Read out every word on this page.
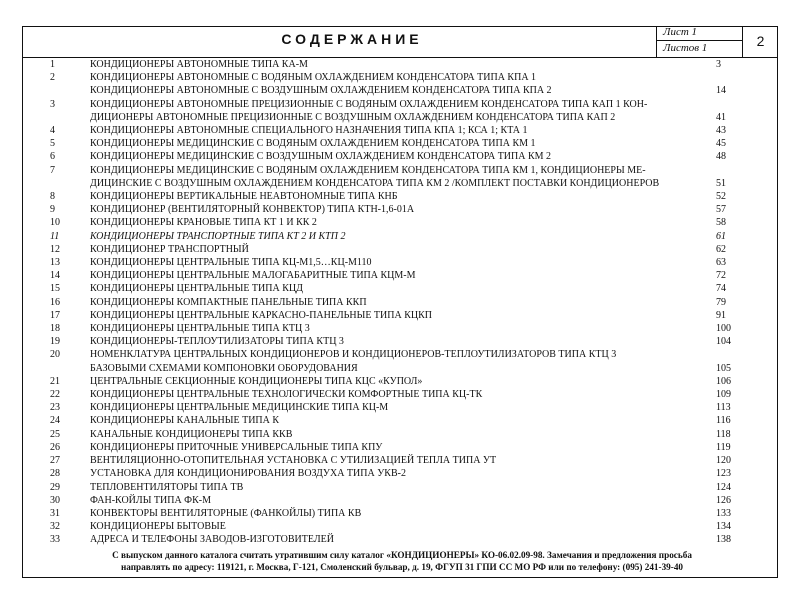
СОДЕРЖАНИЕ	Лист 1
Листов 1	2
1	КОНДИЦИОНЕРЫ АВТОНОМНЫЕ ТИПА КА-М	3
2	КОНДИЦИОНЕРЫ АВТОНОМНЫЕ С ВОДЯНЫМ ОХЛАЖДЕНИЕМ КОНДЕНСАТОРА ТИПА КПА 1
КОНДИЦИОНЕРЫ АВТОНОМНЫЕ С ВОЗДУШНЫМ ОХЛАЖДЕНИЕМ КОНДЕНСАТОРА ТИПА КПА 2	14
3	КОНДИЦИОНЕРЫ АВТОНОМНЫЕ ПРЕЦИЗИОННЫЕ С ВОДЯНЫМ ОХЛАЖДЕНИЕМ КОНДЕНСАТОРА ТИПА КАП 1 КОН-
ДИЦИОНЕРЫ АВТОНОМНЫЕ ПРЕЦИЗИОННЫЕ С ВОЗДУШНЫМ ОХЛАЖДЕНИЕМ КОНДЕНСАТОРА ТИПА КАП 2	41
4	КОНДИЦИОНЕРЫ АВТОНОМНЫЕ СПЕЦИАЛЬНОГО НАЗНАЧЕНИЯ ТИПА КПА 1; КСА 1; КТА 1	43
5	КОНДИЦИОНЕРЫ МЕДИЦИНСКИЕ С ВОДЯНЫМ ОХЛАЖДЕНИЕМ КОНДЕНСАТОРА ТИПА КМ 1	45
6	КОНДИЦИОНЕРЫ МЕДИЦИНСКИЕ С ВОЗДУШНЫМ ОХЛАЖДЕНИЕМ КОНДЕНСАТОРА ТИПА КМ 2	48
7	КОНДИЦИОНЕРЫ МЕДИЦИНСКИЕ С ВОДЯНЫМ ОХЛАЖДЕНИЕМ КОНДЕНСАТОРА ТИПА КМ 1, КОНДИЦИОНЕРЫ МЕ-
ДИЦИНСКИЕ С ВОЗДУШНЫМ ОХЛАЖДЕНИЕМ КОНДЕНСАТОРА ТИПА КМ 2 /КОМПЛЕКТ ПОСТАВКИ КОНДИЦИОНЕРОВ	51
8	КОНДИЦИОНЕРЫ ВЕРТИКАЛЬНЫЕ НЕАВТОНОМНЫЕ ТИПА КНБ	52
9	КОНДИЦИОНЕР (ВЕНТИЛЯТОРНЫЙ КОНВЕКТОР) ТИПА КТН-1,6-01А	57
10	КОНДИЦИОНЕРЫ КРАНОВЫЕ ТИПА КТ 1 И КК 2	58
11	КОНДИЦИОНЕРЫ ТРАНСПОРТНЫЕ ТИПА КТ 2 И КТП 2	61
12	КОНДИЦИОНЕР ТРАНСПОРТНЫЙ	62
13	КОНДИЦИОНЕРЫ ЦЕНТРАЛЬНЫЕ ТИПА КЦ-М1,5…КЦ-М110	63
14	КОНДИЦИОНЕРЫ ЦЕНТРАЛЬНЫЕ МАЛОГАБАРИТНЫЕ ТИПА КЦМ-М	72
15	КОНДИЦИОНЕРЫ ЦЕНТРАЛЬНЫЕ ТИПА КЦД	74
16	КОНДИЦИОНЕРЫ КОМПАКТНЫЕ ПАНЕЛЬНЫЕ ТИПА ККП	79
17	КОНДИЦИОНЕРЫ ЦЕНТРАЛЬНЫЕ КАРКАСНО-ПАНЕЛЬНЫЕ ТИПА КЦКП	91
18	КОНДИЦИОНЕРЫ ЦЕНТРАЛЬНЫЕ ТИПА КТЦ 3	100
19	КОНДИЦИОНЕРЫ-ТЕПЛОУТИЛИЗАТОРЫ ТИПА КТЦ 3	104
20	НОМЕНКЛАТУРА ЦЕНТРАЛЬНЫХ КОНДИЦИОНЕРОВ И КОНДИЦИОНЕРОВ-ТЕПЛОУТИЛИЗАТОРОВ ТИПА КТЦ 3
БАЗОВЫМИ СХЕМАМИ КОМПОНОВКИ ОБОРУДОВАНИЯ	105
21	ЦЕНТРАЛЬНЫЕ СЕКЦИОННЫЕ КОНДИЦИОНЕРЫ ТИПА КЦС «КУПОЛ»	106
22	КОНДИЦИОНЕРЫ ЦЕНТРАЛЬНЫЕ ТЕХНОЛОГИЧЕСКИ КОМФОРТНЫЕ ТИПА КЦ-ТК	109
23	КОНДИЦИОНЕРЫ ЦЕНТРАЛЬНЫЕ МЕДИЦИНСКИЕ ТИПА КЦ-М	113
24	КОНДИЦИОНЕРЫ КАНАЛЬНЫЕ ТИПА К	116
25	КАНАЛЬНЫЕ КОНДИЦИОНЕРЫ ТИПА ККВ	118
26	КОНДИЦИОНЕРЫ ПРИТОЧНЫЕ УНИВЕРСАЛЬНЫЕ ТИПА КПУ	119
27	ВЕНТИЛЯЦИОННО-ОТОПИТЕЛЬНАЯ УСТАНОВКА С УТИЛИЗАЦИЕЙ ТЕПЛА ТИПА УТ	120
28	УСТАНОВКА ДЛЯ КОНДИЦИОНИРОВАНИЯ ВОЗДУХА ТИПА УКВ-2	123
29	ТЕПЛОВЕНТИЛЯТОРЫ ТИПА ТВ	124
30	ФАН-КОЙЛЫ ТИПА ФК-М	126
31	КОНВЕКТОРЫ ВЕНТИЛЯТОРНЫЕ (ФАНКОЙЛЫ) ТИПА КВ	133
32	КОНДИЦИОНЕРЫ БЫТОВЫЕ	134
33	АДРЕСА И ТЕЛЕФОНЫ ЗАВОДОВ-ИЗГОТОВИТЕЛЕЙ	138
С выпуском данного каталога считать утратившим силу каталог «КОНДИЦИОНЕРЫ» КО-06.02.09-98. Замечания и предложения просьба
направлять по адресу: 119121, г. Москва, Г-121, Смоленский бульвар, д. 19, ФГУП 31 ГПИ СС МО РФ или по телефону: (095) 241-39-40
